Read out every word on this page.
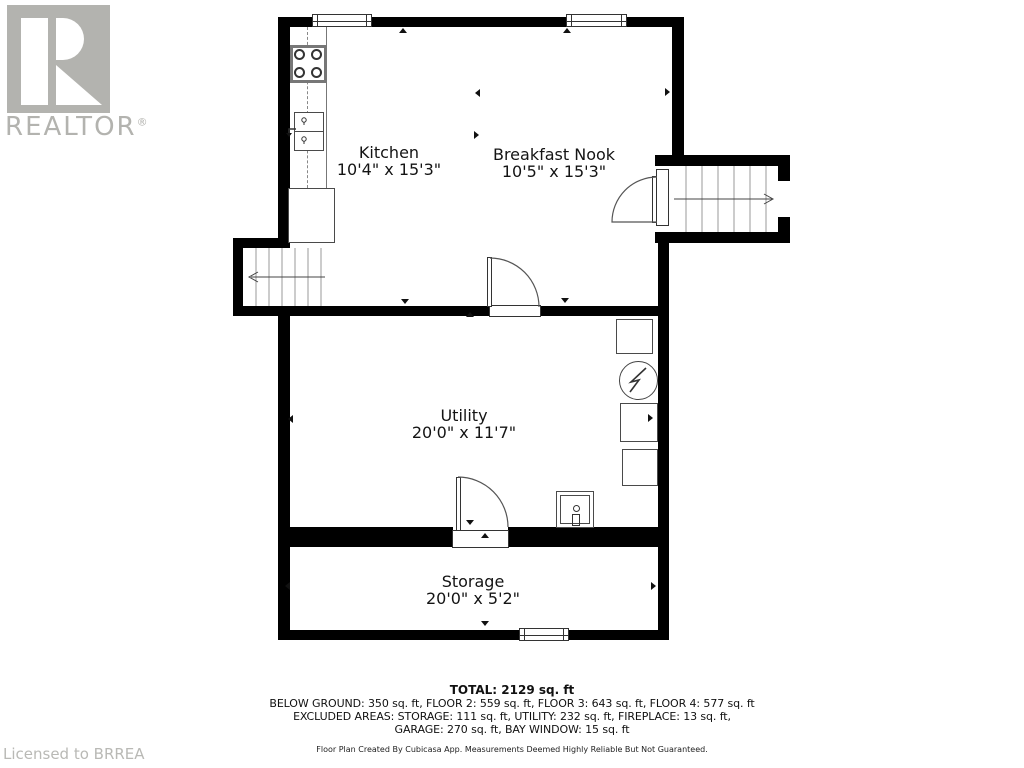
REALTOR®
Licensed to BRREA
Kitchen
10'4" x 15'3"
Breakfast Nook
10'5" x 15'3"
Utility
20'0" x 11'7"
Storage
20'0" x 5'2"
TOTAL: 2129 sq. ft
BELOW GROUND: 350 sq. ft, FLOOR 2: 559 sq. ft, FLOOR 3: 643 sq. ft, FLOOR 4: 577 sq. ft
EXCLUDED AREAS: STORAGE: 111 sq. ft, UTILITY: 232 sq. ft, FIREPLACE: 13 sq. ft,
GARAGE: 270 sq. ft, BAY WINDOW: 15 sq. ft
Floor Plan Created By Cubicasa App. Measurements Deemed Highly Reliable But Not Guaranteed.
